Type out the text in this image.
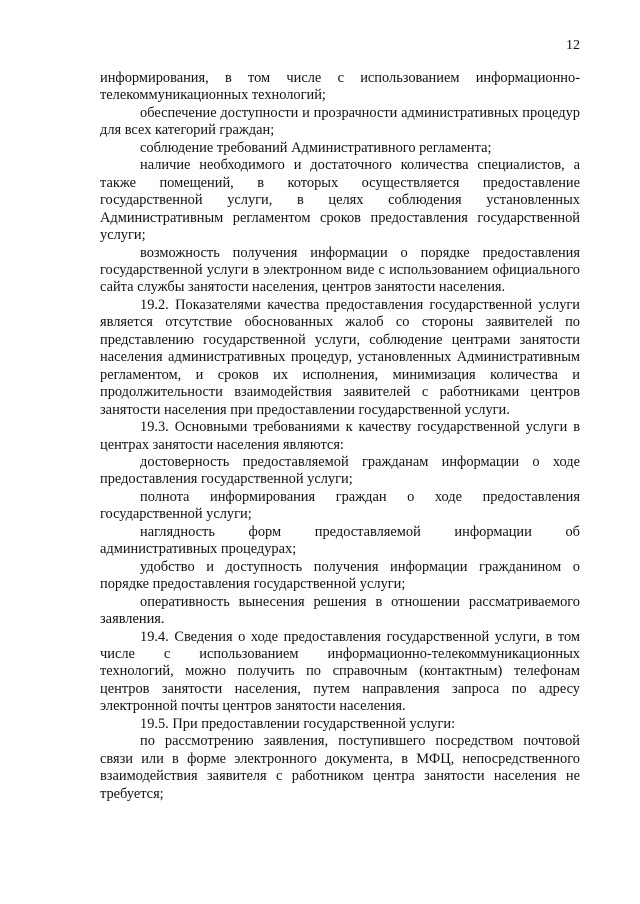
12

информирования, в том числе с использованием информационно-телекоммуникационных технологий;

обеспечение доступности и прозрачности административных процедур для всех категорий граждан;

соблюдение требований Административного регламента;

наличие необходимого и достаточного количества специалистов, а также помещений, в которых осуществляется предоставление государственной услуги, в целях соблюдения установленных Административным регламентом сроков предоставления государственной услуги;

возможность получения информации о порядке предоставления государственной услуги в электронном виде с использованием официального сайта службы занятости населения, центров занятости населения.

19.2. Показателями качества предоставления государственной услуги является отсутствие обоснованных жалоб со стороны заявителей по представлению государственной услуги, соблюдение центрами занятости населения административных процедур, установленных Административным регламентом, и сроков их исполнения, минимизация количества и продолжительности взаимодействия заявителей с работниками центров занятости населения при предоставлении государственной услуги.

19.3. Основными требованиями к качеству государственной услуги в центрах занятости населения являются:

достоверность предоставляемой гражданам информации о ходе предоставления государственной услуги;

полнота информирования граждан о ходе предоставления государственной услуги;

наглядность форм предоставляемой информации об административных процедурах;

удобство и доступность получения информации гражданином о порядке предоставления государственной услуги;

оперативность вынесения решения в отношении рассматриваемого заявления.

19.4. Сведения о ходе предоставления государственной услуги, в том числе с использованием информационно-телекоммуникационных технологий, можно получить по справочным (контактным) телефонам центров занятости населения, путем направления запроса по адресу электронной почты центров занятости населения.

19.5. При предоставлении государственной услуги:

по рассмотрению заявления, поступившего посредством почтовой связи или в форме электронного документа, в МФЦ, непосредственного взаимодействия заявителя с работником центра занятости населения не требуется;
